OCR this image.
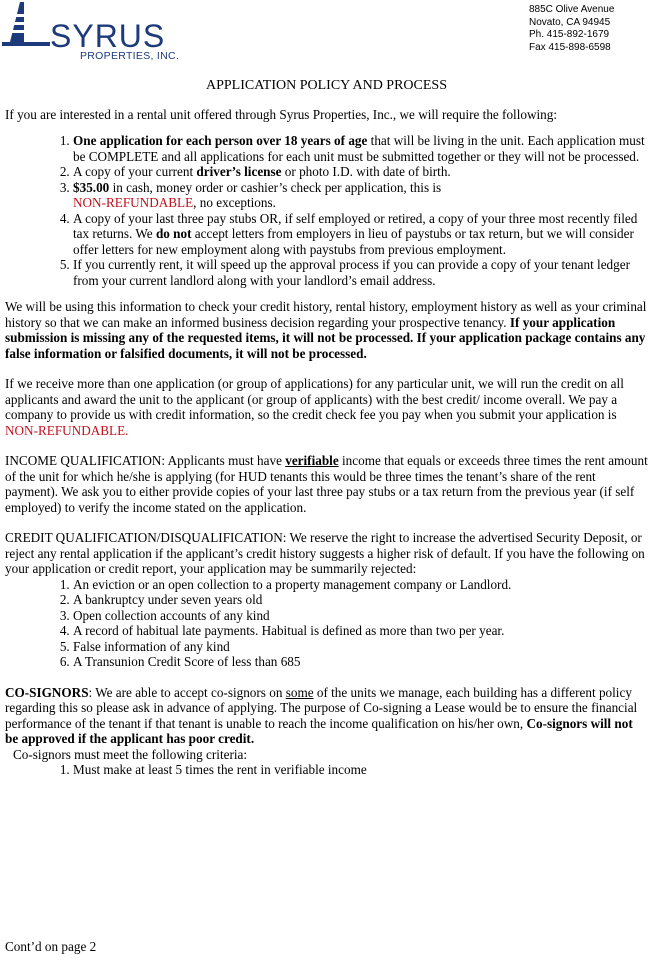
SYRUS
PROPERTIES, INC.
885C Olive Avenue
Novato, CA 94945
Ph. 415-892-1679
Fax 415-898-6598
APPLICATION POLICY AND PROCESS

If you are interested in a rental unit offered through Syrus Properties, Inc., we will require the following:

1. One application for each person over 18 years of age that will be living in the unit. Each application must be COMPLETE and all applications for each unit must be submitted together or they will not be processed.
2. A copy of your current driver’s license or photo I.D. with date of birth.
3. $35.00 in cash, money order or cashier’s check per application, this is
NON-REFUNDABLE, no exceptions.
4. A copy of your last three pay stubs OR, if self employed or retired, a copy of your three most recently filed tax returns. We do not accept letters from employers in lieu of paystubs or tax return, but we will consider offer letters for new employment along with paystubs from previous employment.
5. If you currently rent, it will speed up the approval process if you can provide a copy of your tenant ledger from your current landlord along with your landlord’s email address.

We will be using this information to check your credit history, rental history, employment history as well as your criminal history so that we can make an informed business decision regarding your prospective tenancy. If your application submission is missing any of the requested items, it will not be processed. If your application package contains any false information or falsified documents, it will not be processed.

If we receive more than one application (or group of applications) for any particular unit, we will run the credit on all applicants and award the unit to the applicant (or group of applicants) with the best credit/ income overall. We pay a company to provide us with credit information, so the credit check fee you pay when you submit your application is NON-REFUNDABLE.

INCOME QUALIFICATION: Applicants must have verifiable income that equals or exceeds three times the rent amount of the unit for which he/she is applying (for HUD tenants this would be three times the tenant’s share of the rent payment). We ask you to either provide copies of your last three pay stubs or a tax return from the previous year (if self employed) to verify the income stated on the application.

CREDIT QUALIFICATION/DISQUALIFICATION: We reserve the right to increase the advertised Security Deposit, or reject any rental application if the applicant’s credit history suggests a higher risk of default. If you have the following on your application or credit report, your application may be summarily rejected:

1. An eviction or an open collection to a property management company or Landlord.
2. A bankruptcy under seven years old
3. Open collection accounts of any kind
4. A record of habitual late payments. Habitual is defined as more than two per year.
5. False information of any kind
6. A Transunion Credit Score of less than 685

CO-SIGNORS: We are able to accept co-signors on some of the units we manage, each building has a different policy regarding this so please ask in advance of applying. The purpose of Co-signing a Lease would be to ensure the financial performance of the tenant if that tenant is unable to reach the income qualification on his/her own, Co-signors will not be approved if the applicant has poor credit.

Co-signors must meet the following criteria:

1. Must make at least 5 times the rent in verifiable income
Cont’d on page 2
